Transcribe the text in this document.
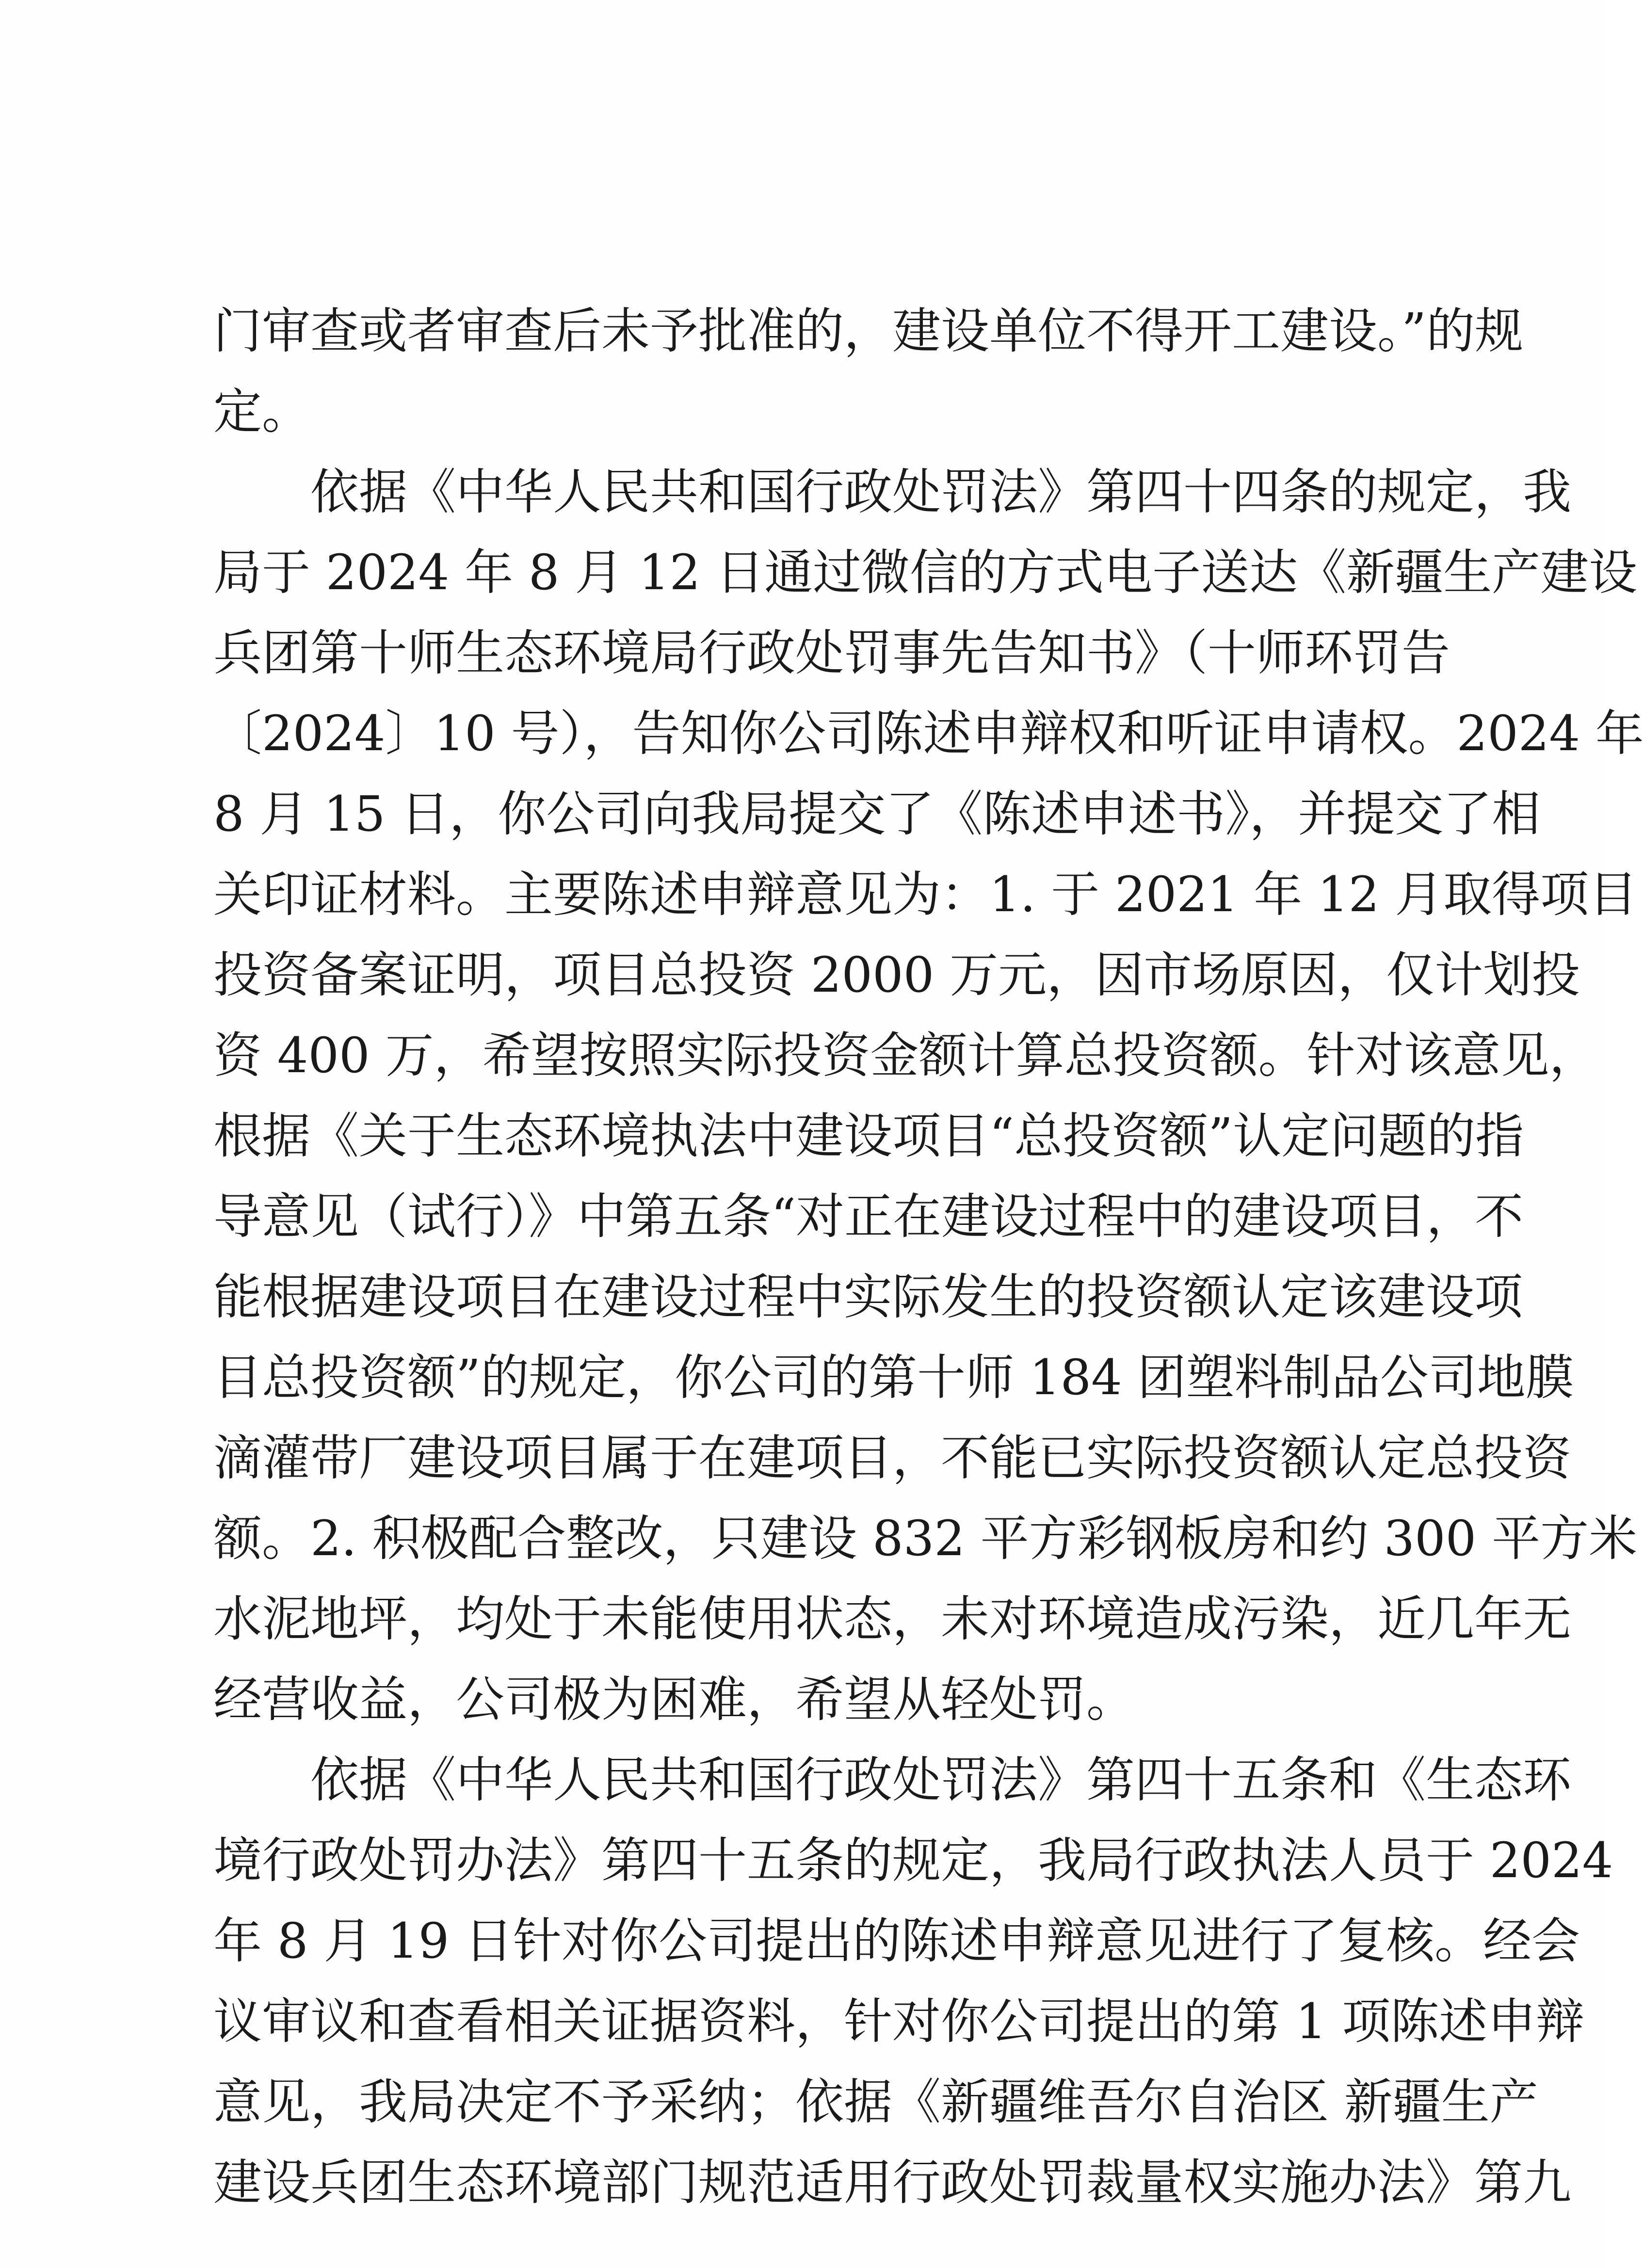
门审查或者审查后未予批准的，建设单位不得开工建设。”的规
定。
依据《中华人民共和国行政处罚法》第四十四条的规定，我
局于 2024 年 8 月 12 日通过微信的方式电子送达《新疆生产建设
兵团第十师生态环境局行政处罚事先告知书》（十师环罚告
〔2024〕10 号），告知你公司陈述申辩权和听证申请权。2024 年
8 月 15 日，你公司向我局提交了《陈述申述书》，并提交了相
关印证材料。主要陈述申辩意见为：1. 于 2021 年 12 月取得项目
投资备案证明，项目总投资 2000 万元，因市场原因，仅计划投
资 400 万，希望按照实际投资金额计算总投资额。针对该意见，
根据《关于生态环境执法中建设项目“总投资额”认定问题的指
导意见（试行）》中第五条“对正在建设过程中的建设项目，不
能根据建设项目在建设过程中实际发生的投资额认定该建设项
目总投资额”的规定，你公司的第十师 184 团塑料制品公司地膜
滴灌带厂建设项目属于在建项目，不能已实际投资额认定总投资
额。2. 积极配合整改，只建设 832 平方彩钢板房和约 300 平方米
水泥地坪，均处于未能使用状态，未对环境造成污染，近几年无
经营收益，公司极为困难，希望从轻处罚。
依据《中华人民共和国行政处罚法》第四十五条和《生态环
境行政处罚办法》第四十五条的规定，我局行政执法人员于 2024
年 8 月 19 日针对你公司提出的陈述申辩意见进行了复核。经会
议审议和查看相关证据资料，针对你公司提出的第 1 项陈述申辩
意见，我局决定不予采纳；依据《新疆维吾尔自治区 新疆生产
建设兵团生态环境部门规范适用行政处罚裁量权实施办法》第九
